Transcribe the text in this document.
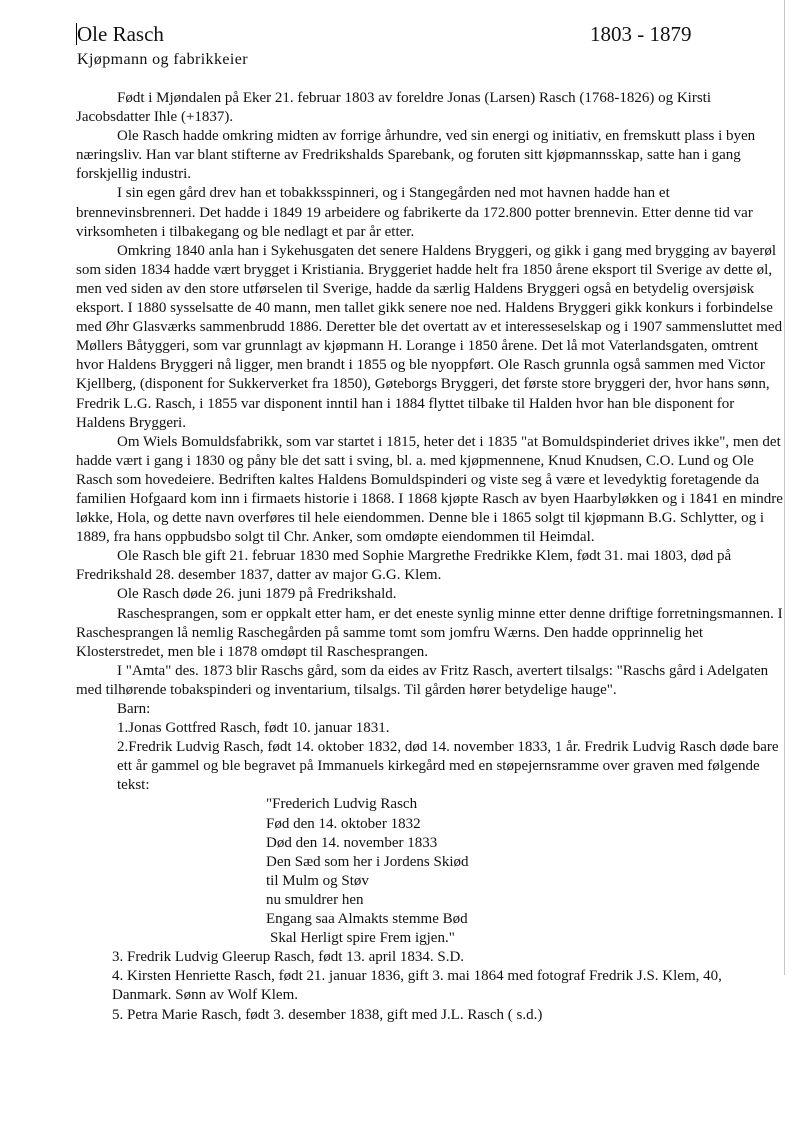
Ole Rasch	1803 - 1879
Kjøpmann og fabrikkeier

Født i Mjøndalen på Eker 21. februar 1803 av foreldre Jonas (Larsen) Rasch (1768-1826) og Kirsti Jacobsdatter Ihle (+1837).

Ole Rasch hadde omkring midten av forrige århundre, ved sin energi og initiativ, en fremskutt plass i byen næringsliv. Han var blant stifterne av Fredrikshalds Sparebank, og foruten sitt kjøpmannsskap, satte han i gang forskjellig industri.

I sin egen gård drev han et tobakksspinneri, og i Stangegården ned mot havnen hadde han et brennevinsbrenneri. Det hadde i 1849 19 arbeidere og fabrikerte da 172.800 potter brennevin. Etter denne tid var virksomheten i tilbakegang og ble nedlagt et par år etter.

Omkring 1840 anla han i Sykehusgaten det senere Haldens Bryggeri, og gikk i gang med brygging av bayerøl som siden 1834 hadde vært brygget i Kristiania. Bryggeriet hadde helt fra 1850 årene eksport til Sverige av dette øl, men ved siden av den store utførselen til Sverige, hadde da særlig Haldens Bryggeri også en betydelig oversjøisk eksport. I 1880 sysselsatte de 40 mann, men tallet gikk senere noe ned. Haldens Bryggeri gikk konkurs i forbindelse med Øhr Glasværks sammenbrudd 1886. Deretter ble det overtatt av et interesseselskap og i 1907 sammensluttet med Møllers Båtyggeri, som var grunnlagt av kjøpmann H. Lorange i 1850 årene. Det lå mot Vaterlandsgaten, omtrent hvor Haldens Bryggeri nå ligger, men brandt i 1855 og ble nyoppført. Ole Rasch grunnla også sammen med Victor Kjellberg, (disponent for Sukkerverket fra 1850), Gøteborgs Bryggeri, det første store bryggeri der, hvor hans sønn, Fredrik L.G. Rasch, i 1855 var disponent inntil han i 1884 flyttet tilbake til Halden hvor han ble disponent for Haldens Bryggeri.

Om Wiels Bomuldsfabrikk, som var startet i 1815, heter det i 1835 "at Bomuldspinderiet drives ikke", men det hadde vært i gang i 1830 og påny ble det satt i sving, bl. a. med kjøpmennene, Knud Knudsen, C.O. Lund og Ole Rasch som hovedeiere. Bedriften kaltes Haldens Bomuldspinderi og viste seg å være et levedyktig foretagende da familien Hofgaard kom inn i firmaets historie i 1868. I 1868 kjøpte Rasch av byen Haarbyløkken og i 1841 en mindre løkke, Hola, og dette navn overføres til hele eiendommen. Denne ble i 1865 solgt til kjøpmann B.G. Schlytter, og i 1889, fra hans oppbudsbo solgt til Chr. Anker, som omdøpte eiendommen til Heimdal.

Ole Rasch ble gift 21. februar 1830 med Sophie Margrethe Fredrikke Klem, født 31. mai 1803, død på Fredrikshald 28. desember 1837, datter av major G.G. Klem.

Ole Rasch døde 26. juni 1879 på Fredrikshald.

Raschesprangen, som er oppkalt etter ham, er det eneste synlig minne etter denne driftige forretningsmannen. I Raschesprangen lå nemlig Raschegården på samme tomt som jomfru Wærns. Den hadde opprinnelig het Klosterstredet, men ble i 1878 omdøpt til Raschesprangen.

I "Amta" des. 1873 blir Raschs gård, som da eides av Fritz Rasch, avertert tilsalgs: "Raschs gård i Adelgaten med tilhørende tobakspinderi og inventarium, tilsalgs. Til gården hører betydelige hauge".

Barn:

1.Jonas Gottfred Rasch, født 10. januar 1831.

2.Fredrik Ludvig Rasch, født 14. oktober 1832, død 14. november 1833, 1 år. Fredrik Ludvig Rasch døde bare ett år gammel og ble begravet på Immanuels kirkegård med en støpejernsramme over graven med følgende tekst:

"Frederich Ludvig Rasch
Fød den 14. oktober 1832
Død den 14. november 1833
Den Sæd som her i Jordens Skiød
til Mulm og Støv
nu smuldrer hen
Engang saa Almakts stemme Bød
Skal Herligt spire Frem igjen."

3. Fredrik Ludvig Gleerup Rasch, født 13. april 1834. S.D.

4. Kirsten Henriette Rasch, født 21. januar 1836, gift 3. mai 1864 med fotograf Fredrik J.S. Klem, 40, Danmark. Sønn av Wolf Klem.

5. Petra Marie Rasch, født 3. desember 1838, gift med J.L. Rasch ( s.d.)
